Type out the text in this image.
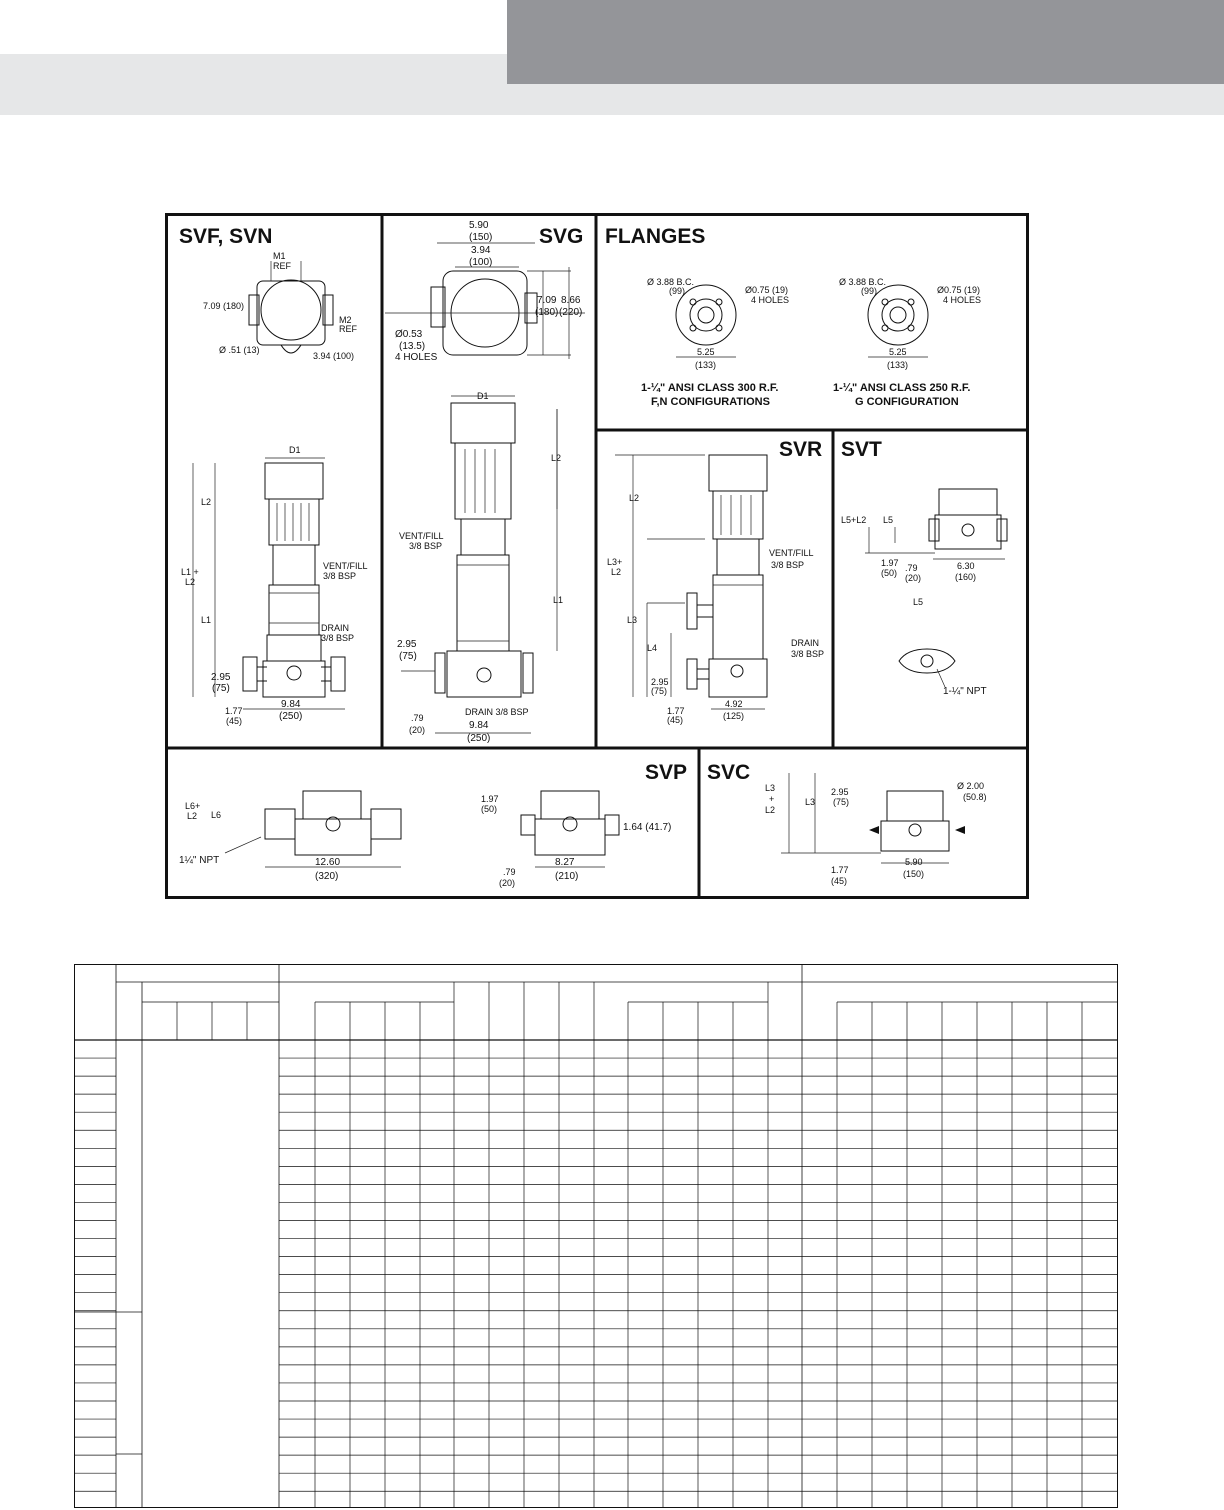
SVF, SVN
M1
REF
7.09 (180)
M2
REF
Ø .51 (13)
3.94 (100)
D1
L2
L1 +
L2
L1
VENT/FILL
3/8 BSP
DRAIN
3/8 BSP
2.95
(75)
1.77
(45)
9.84
(250)
SVG
5.90
(150)
3.94
(100)
7.09
(180)
8.66
(220)
Ø0.53
(13.5)
4 HOLES
D1
L2
L1
VENT/FILL
3/8 BSP
2.95
(75)
.79
(20)
DRAIN 3/8 BSP
9.84
(250)
FLANGES
Ø 3.88 B.C.
(99)	Ø0.75 (19)
4 HOLES
5.25
(133)
1-¼" ANSI CLASS 300 R.F.
F,N CONFIGURATIONS
Ø 3.88 B.C.
(99)	Ø0.75 (19)
4 HOLES
5.25
(133)
1-¼" ANSI CLASS 250 R.F.
G CONFIGURATION
SVR
L2
L3+
L2
L3
L4
VENT/FILL
3/8 BSP
DRAIN
3/8 BSP
2.95
(75)
1.77
(45)
4.92
(125)
SVT
L5+L2 L5
1.97
(50) .79
(20)
6.30
(160)
L5
1-¼" NPT
SVP
L6+
L2 L6
1¼" NPT	12.60
(320)
1.97
(50)
1.64 (41.7)
.79
(20)
8.27
(210)
SVC
L3
+
L2
L3
2.95
(75)
1.77
(45)
Ø 2.00
(50.8)
5.90
(150)
